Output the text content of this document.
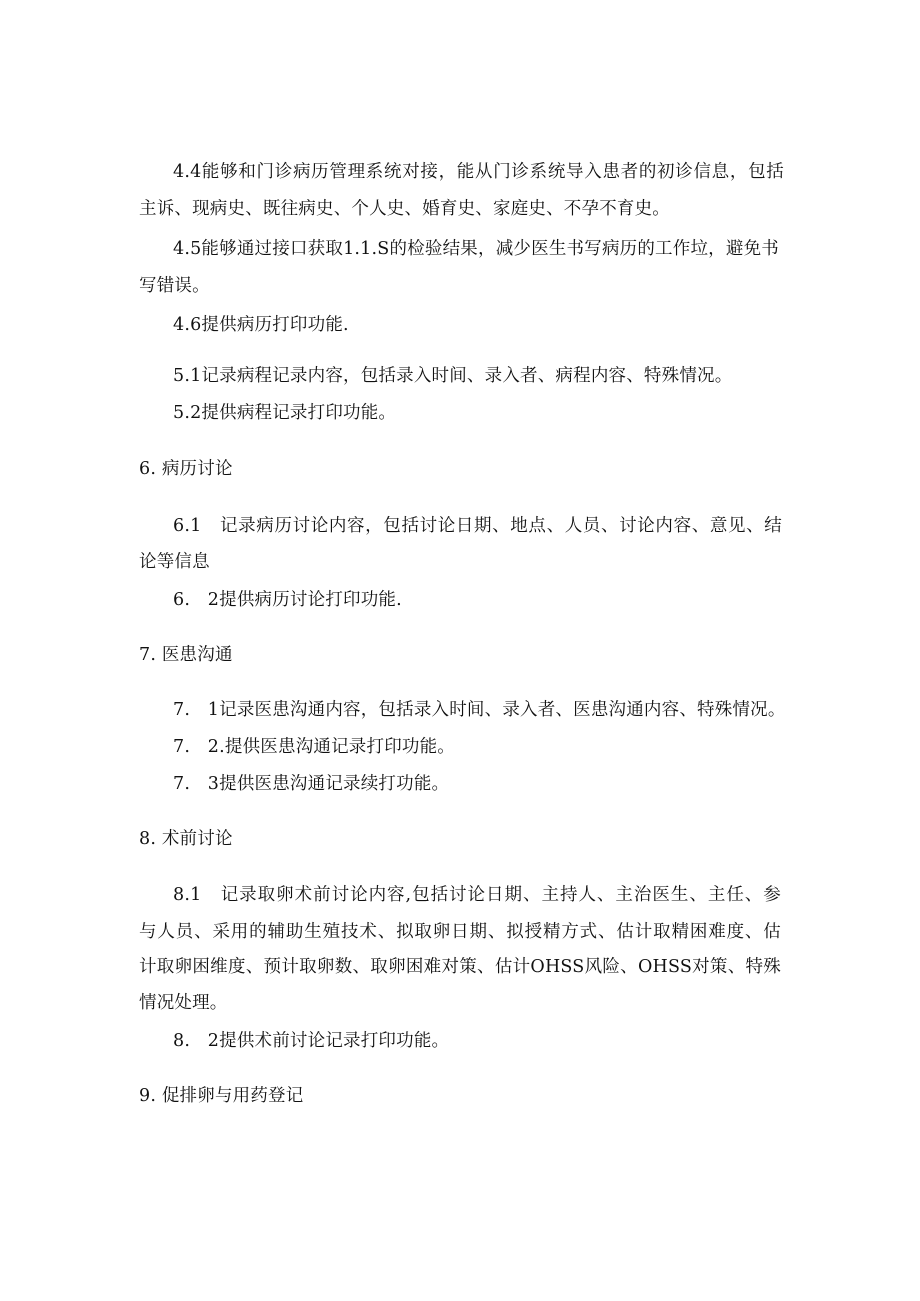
4.4能够和门诊病历管理系统对接，能从门诊系统导入患者的初诊信息，包括
主诉、现病史、既往病史、个人史、婚育史、家庭史、不孕不育史。
4.5能够通过接口获取1.1.S的检验结果，减少医生书写病历的工作垃，避免书
写错误。
4.6提供病历打印功能.
5.1记录病程记录内容，包括录入时间、录入者、病程内容、特殊情况。
5.2提供病程记录打印功能。
6. 病历讨论
6.1　记录病历讨论内容，包括讨论日期、地点、人员、讨论内容、意见、结
论等信息
6.　2提供病历讨论打印功能.
7. 医患沟通
7.　1记录医患沟通内容，包括录入时间、录入者、医患沟通内容、特殊情况。
7.　2.提供医患沟通记录打印功能。
7.　3提供医患沟通记录续打功能。
8. 术前讨论
8.1　记录取卵术前讨论内容,包括讨论日期、主持人、主治医生、主任、参
与人员、采用的辅助生殖技术、拟取卵日期、拟授精方式、估计取精困难度、估
计取卵困维度、预计取卵数、取卵困难对策、估计OHSS风险、OHSS对策、特殊
情况处理。
8.　2提供术前讨论记录打印功能。
9. 促排卵与用药登记
